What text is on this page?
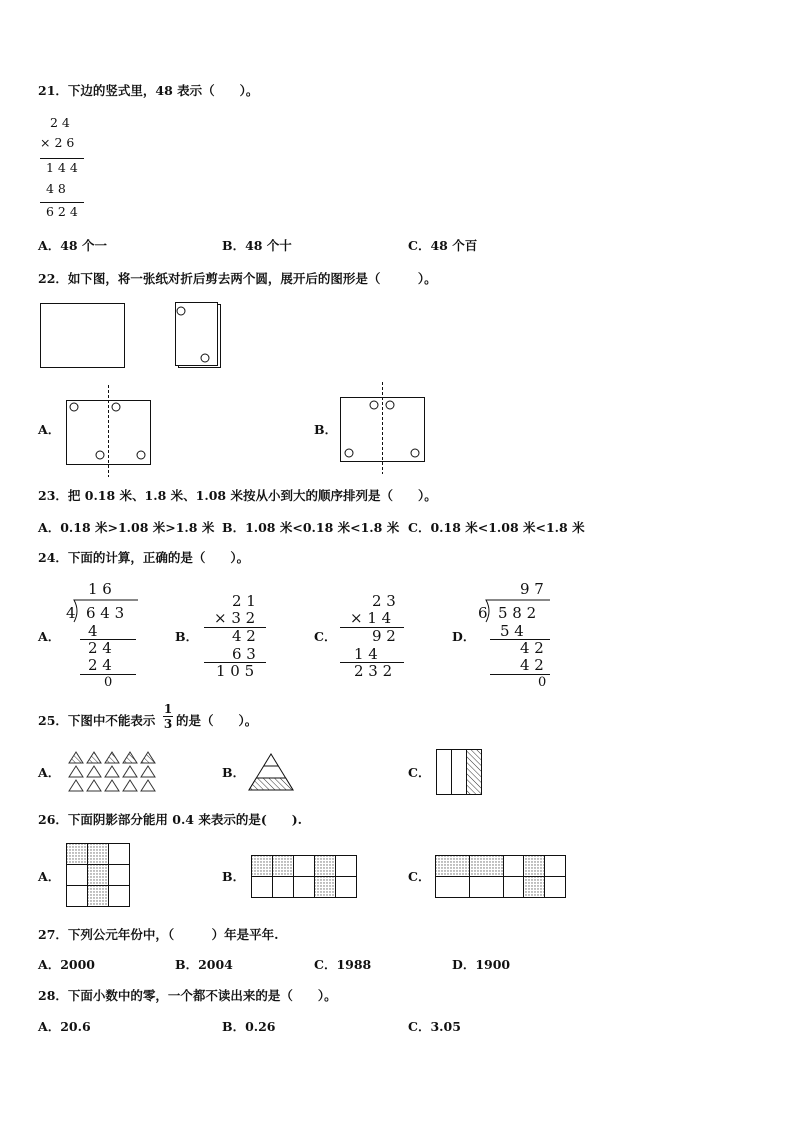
21．下边的竖式里，48 表示（　　）。
2 4
× 2 6
1 4 4
4 8
6 2 4
A．48 个一	B．48 个十	C．48 个百
22．如下图，将一张纸对折后剪去两个圆，展开后的图形是（　　　）。
A．	B．
23．把 0.18 米、1.8 米、1.08 米按从小到大的顺序排列是（　　）。
A．0.18 米>1.08 米>1.8 米 B．1.08 米<0.18 米<1.8 米 C．0.18 米<1.08 米<1.8 米
24．下面的计算，正确的是（　　）。
A．
1 6
4 6 4 3
4
2 4
2 4
0
B．
2 1
× 3 2
4 2
6 3
1 0 5
C．
2 3
× 1 4
9 2
1 4
2 3 2
D．
9 7
6 5 8 2
5 4
4 2
4 2
0
25．下图中不能表示
1
3 的是（　　）。
A．	B．	C．
26．下面阴影部分能用 0.4 来表示的是(　　).
A．	B．	C．
27．下列公元年份中，（　　　）年是平年.
A．2000	B．2004	C．1988	D．1900
28．下面小数中的零，一个都不读出来的是（　　）。
A．20.6	B．0.26	C．3.05
